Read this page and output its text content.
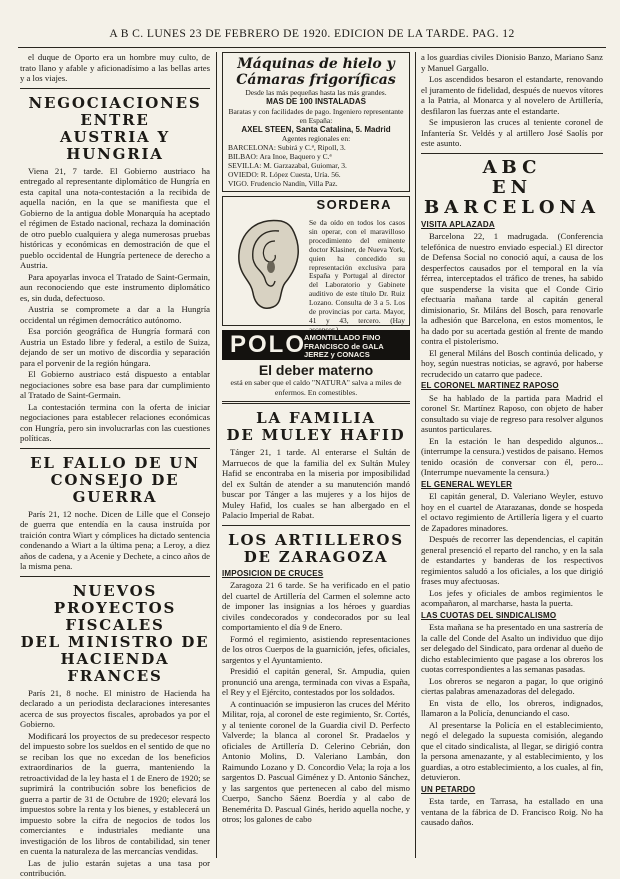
A B C. LUNES 23 DE FEBRERO DE 1920. EDICION DE LA TARDE. PAG. 12

el duque de Oporto era un hombre muy culto, de trato llano y afable y aficionadísimo a las bellas artes y a los viajes.

NEGOCIACIONES
ENTRE
AUSTRIA Y HUNGRIA

Viena 21, 7 tarde. El Gobierno austriaco ha entregado al representante diplomático de Hungría en esta capital una nota-contestación a la recibida de aquella nación, en la que se manifiesta que el Gobierno de la antigua doble Monarquía ha aceptado el régimen de Estado nacional, rechaza la dominación de otro pueblo cualquiera y alega numerosas pruebas históricas y económicas en demostración de que el pueblo occidental de Hungría pertenece de derecho a Austria.

Para apoyarlas invoca el Tratado de Saint-Germain, aun reconociendo que este instrumento diplomático es, sin duda, defectuoso.

Austria se compromete a dar a la Hungría occidental un régimen democrático autónomo.

Esa porción geográfica de Hungría formará con Austria un Estado libre y federal, a estilo de Suiza, dejando de ser un motivo de discordia y separación para el porvenir de la región húngara.

El Gobierno austriaco está dispuesto a entablar negociaciones sobre esa base para dar cumplimiento al Tratado de Saint-Germain.

La contestación termina con la oferta de iniciar negociaciones para establecer relaciones económicas con Hungría, pero sin involucrarlas con las cuestiones políticas.

EL FALLO DE UN
CONSEJO DE GUERRA

París 21, 12 noche. Dicen de Lille que el Consejo de guerra que entendía en la causa instruída por traición contra Wiart y cómplices ha dictado sentencia condenando a Wiart a la última pena; a Leroy, a diez años de cadena, y a Acenie y Dechete, a cinco años de la misma pena.

NUEVOS
PROYECTOS FISCALES
DEL MINISTRO DE
HACIENDA FRANCES

París 21, 8 noche. El ministro de Hacienda ha declarado a un periodista declaraciones interesantes acerca de sus proyectos fiscales, aprobados ya por el Gobierno.

Modificará los proyectos de su predecesor respecto del impuesto sobre los sueldos en el sentido de que no se reciban los que no excedan de los beneficios extraordinarios de la guerra, manteniendo la retroactividad de la ley hasta el 1 de Enero de 1920; se suprimirá la contribución sobre los beneficios de guerra a partir de 31 de Octubre de 1920; elevará los impuestos sobre la renta y los bienes, y establecerá un impuesto sobre la cifra de negocios de todos los comerciantes e industriales mediante una investigación de los libros de contabilidad, sin tener en cuenta la naturaleza de las mercancías vendidas.

Las de julio estarán sujetas a una tasa por contribución.

Máquinas de hielo y Cámaras frigoríficas
Desde las más pequeñas hasta las más grandes.
MAS DE 100 INSTALADAS
Baratas y con facilidades de pago. Ingeniero representante en España:
AXEL STEEN, Santa Catalina, 5. Madrid
Agentes regionales en:
BARCELONA: Subirá y C.ª, Ripoll, 3.
BILBAO: Ara Inoe, Baquero y C.ª
SEVILLA: M. Garzazabal, Guiomar, 3.
OVIEDO: R. López Cuesta, Uría. 56.
VIGO. Frudencio Nandín, Villa Paz.
SORDERA
Se da oído en todos los casos sin operar, con el maravilloso procedimiento del eminente doctor Klasiner, de Nueva York, quien ha concedido su representación exclusiva para España y Portugal al director del Laboratorio y Gabinete auditivo de este título Dr. Ruiz Lozano. Consulta de 3 a 5. Los de provincias por carta. Mayor, 41 y 43, tercero. (Hay
POLO
AMONTILLADO FINO
FRANCISCO de GALA
JEREZ y CONACS
El deber materno
está en saber que el caldo "NATURA" salva a miles de enfermos. En comestibles.
LA FAMILIA
DE MULEY HAFID

Tánger 21, 1 tarde. Al enterarse el Sultán de Marruecos de que la familia del ex Sultán Muley Hafid se encontraba en la miseria por imposibilidad del ex Sultán de atender a su manutención mandó buscar por Tánger a las mujeres y a los hijos de Muley Hafid, los cuales se han albergado en el Palacio Imperial de Rabat.

LOS ARTILLEROS
DE ZARAGOZA
IMPOSICION DE CRUCES

Zaragoza 21 6 tarde. Se ha verificado en el patio del cuartel de Artillería del Carmen el solemne acto de imponer las insignias a los héroes y guardias civiles condecorados y condecorados por su leal comportamiento el día 9 de Enero.

Formó el regimiento, asistiendo representaciones de los otros Cuerpos de la guarnición, jefes, oficiales, sargentos y el Ayuntamiento.

Presidió el capitán general, Sr. Ampudia, quien pronunció una arenga, terminada con vivas a España, el Rey y el Ejército, contestados por los soldados.

A continuación se impusieron las cruces del Mérito Militar, roja, al coronel de este regimiento, Sr. Cortés, y al teniente coronel de la Guardia civil D. Perfecto Valverde; la blanca al coronel Sr. Pradaelos y oficiales de Artillería D. Celerino Cebrián, don Antonio Molins, D. Valeriano Lambán, don Raimundo Lozano y D. Concordio Vela; la roja a los sargentos D. Pascual Giménez y D. Antonio Sánchez, y las sargentos que pertenecen al cabo del mismo Cuerpo, Sancho Sáenz Boerdía y al cabo de Benemérita D. Pascual Ginés, herido aquella noche, y otros; los galones de cabo

a los guardias civiles Dionisio Banzo, Mariano Sanz y Manuel Gargallo.

Los ascendidos besaron el estandarte, renovando el juramento de fidelidad, después de nuevos vítores a la Patria, al Monarca y al novelero de Artillería, desfilaron las fuerzas ante el estandarte.

Se impusieron las cruces al teniente coronel de Infantería Sr. Veldés y al artillero José Saolís por este asunto.

ABC
EN BARCELONA
VISITA APLAZADA

Barcelona 22, 1 madrugada. (Conferencia telefónica de nuestro enviado especial.) El director de Defensa Social no conoció aquí, a causa de los desperfectos causados por el temporal en la vía férrea, interceptados el tráfico de trenes, ha sabido que suspenderse la visita que el Conde Cirio efectuaría mañana tarde al capitán general dimisionario, Sr. Miláns del Bosch, para renovarle la adhesión que Barcelona, en estos momentos, le ha dado por su acertada gestión al frente de mando contra el pistolerismo.

El general Miláns del Bosch continúa delicado, y hoy, según nuestras noticias, se agravó, por haberse recrudecido un catarro que padece.

EL CORONEL MARTINEZ RAPOSO

Se ha hablado de la partida para Madrid el coronel Sr. Martínez Raposo, con objeto de haber consultado su viaje de regreso para resolver algunos asuntos particulares.

En la estación le han despedido algunos... (interrumpe la censura.) vestidos de paisano. Hemos tenido ocasión de conversar con él, pero... (Interrumpe nuevamente la censura.)

EL GENERAL WEYLER

El capitán general, D. Valeriano Weyler, estuvo hoy en el cuartel de Atarazanas, donde se hospeda el octavo regimiento de Artillería ligera y el cuarto de Zapadores minadores.

Después de recorrer las dependencias, el capitán general presenció el reparto del rancho, y en la sala de estandartes y banderas de los respectivos regimientos saludó a los oficiales, a los que dirigió frases muy afectuosas.

Los jefes y oficiales de ambos regimientos le acompañaron, al marcharse, hasta la puerta.

LAS CUOTAS DEL SINDICALISMO

Esta mañana se ha presentado en una sastrería de la calle del Conde del Asalto un individuo que dijo ser delegado del Sindicato, para ordenar al dueño de dicho establecimiento que pagase a los obreros los cuotas correspondientes a las semanas pasadas.

Los obreros se negaron a pagar, lo que originó ciertas palabras amenazadoras del delegado.

En vista de ello, los obreros, indignados, llamaron a la Policía, denunciando el caso.

Al presentarse la Policía en el establecimiento, negó el delegado la supuesta comisión, alegando que el citado sindicalista, al llegar, se dirigió contra la persona amenazante, y al establecimiento, y los guardias, a otro establecimiento, a los cuales, al fin, detuvieron.

UN PETARDO

Esta tarde, en Tarrasa, ha estallado en una ventana de la fábrica de D. Francisco Roig. No ha causado daños.
